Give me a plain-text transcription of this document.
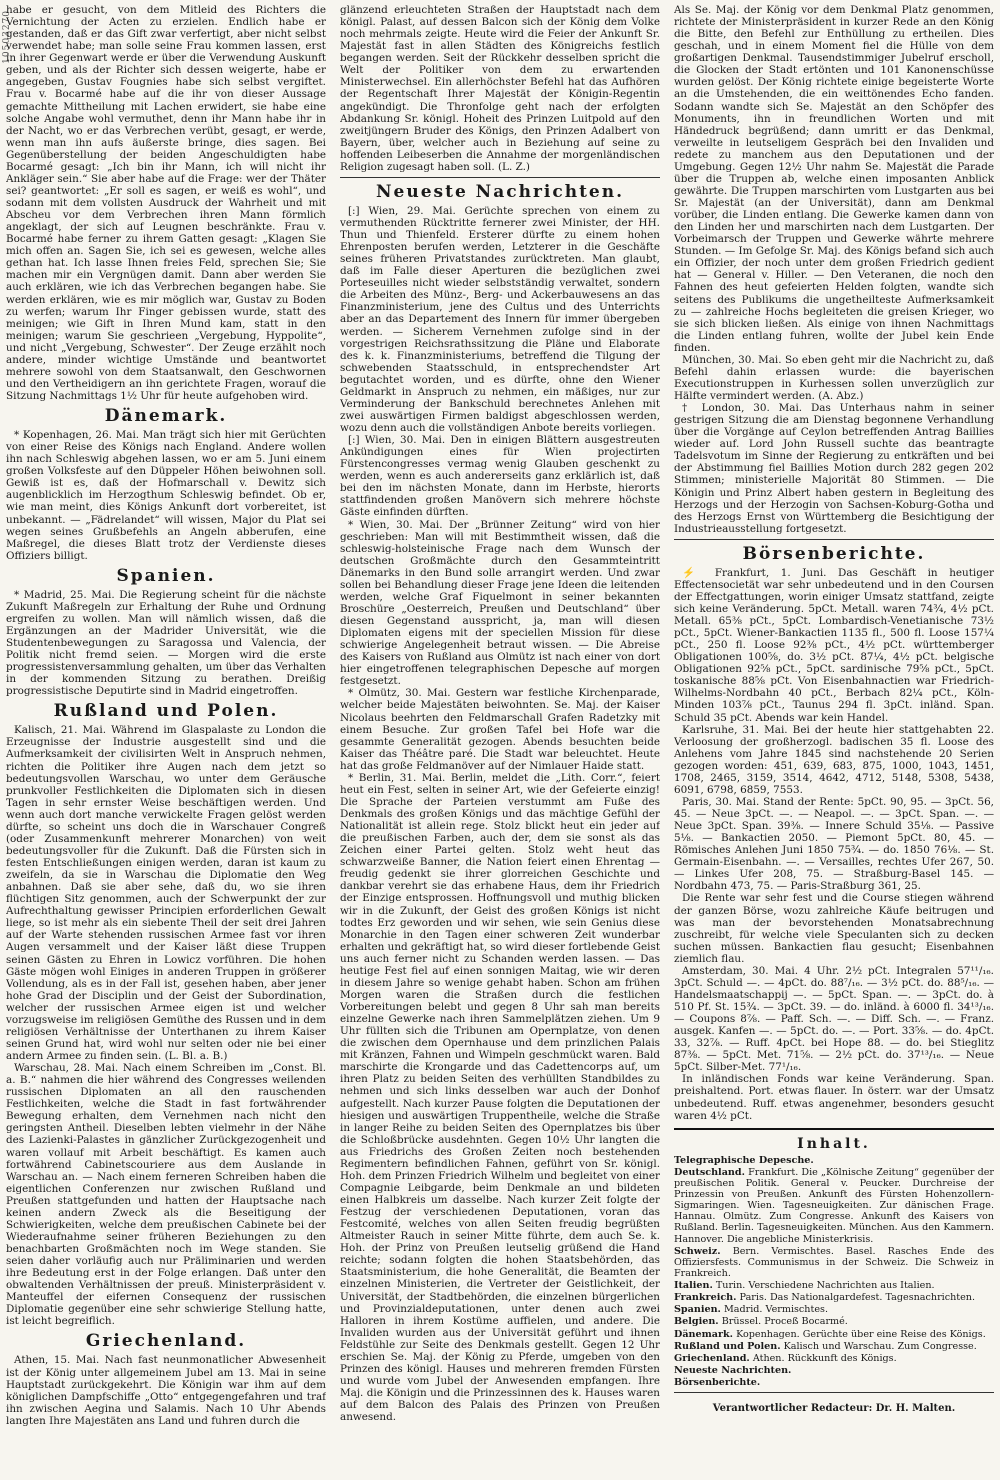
10503270

habe er gesucht, von dem Mitleid des Richters die Vernichtung der Acten zu erzielen. Endlich habe er gestanden, daß er das Gift zwar verfertigt, aber nicht selbst verwendet habe; man solle seine Frau kommen lassen, erst in ihrer Gegenwart werde er über die Verwendung Auskunft geben, und als der Richter sich dessen weigerte, habe er angegeben, Gustav Fougnies habe sich selbst vergiftet. Frau v. Bocarmé habe auf die ihr von dieser Aussage gemachte Mittheilung mit Lachen erwidert, sie habe eine solche Angabe wohl vermuthet, denn ihr Mann habe ihr in der Nacht, wo er das Verbrechen verübt, gesagt, er werde, wenn man ihn aufs äußerste bringe, dies sagen. Bei Gegenüberstellung der beiden Angeschuldigten habe Bocarmé gesagt: „Ich bin ihr Mann, ich will nicht ihr Ankläger sein.“ Sie aber habe auf die Frage: wer der Thäter sei? geantwortet: „Er soll es sagen, er weiß es wohl“, und sodann mit dem vollsten Ausdruck der Wahrheit und mit Abscheu vor dem Verbrechen ihren Mann förmlich angeklagt, der sich auf Leugnen beschränkte. Frau v. Bocarmé habe ferner zu ihrem Gatten gesagt: „Klagen Sie mich offen an. Sagen Sie, ich sei es gewesen, welche alles gethan hat. Ich lasse Ihnen freies Feld, sprechen Sie; Sie machen mir ein Vergnügen damit. Dann aber werden Sie auch erklären, wie ich das Verbrechen begangen habe. Sie werden erklären, wie es mir möglich war, Gustav zu Boden zu werfen; warum Ihr Finger gebissen wurde, statt des meinigen; wie Gift in Ihren Mund kam, statt in den meinigen; warum Sie geschrieen „Vergebung, Hyppolite“, und nicht „Vergebung, Schwester“. Der Zeuge erzählt noch andere, minder wichtige Umstände und beantwortet mehrere sowohl von dem Staatsanwalt, den Geschwornen und den Vertheidigern an ihn gerichtete Fragen, worauf die Sitzung Nachmittags 1½ Uhr für heute aufgehoben wird.

Dänemark.

* Kopenhagen, 26. Mai. Man trägt sich hier mit Gerüchten von einer Reise des Königs nach England. Andere wollen ihn nach Schleswig abgehen lassen, wo er am 5. Juni einem großen Volksfeste auf den Düppeler Höhen beiwohnen soll. Gewiß ist es, daß der Hofmarschall v. Dewitz sich augenblicklich im Herzogthum Schleswig befindet. Ob er, wie man meint, dies Königs Ankunft dort vorbereitet, ist unbekannt. — „Fädrelandet“ will wissen, Major du Plat sei wegen seines Grußbefehls an Angeln abberufen, eine Maßregel, die dieses Blatt trotz der Verdienste dieses Offiziers billigt.

Spanien.

* Madrid, 25. Mai. Die Regierung scheint für die nächste Zukunft Maßregeln zur Erhaltung der Ruhe und Ordnung ergreifen zu wollen. Man will nämlich wissen, daß die Ergänzungen an der Madrider Universität, wie die Studentenbewegungen zu Saragossa und Valencia, der Politik nicht fremd seien. — Morgen wird die erste progressistenversammlung gehalten, um über das Verhalten in der kommenden Sitzung zu berathen. Dreißig progressistische Deputirte sind in Madrid eingetroffen.

Rußland und Polen.

Kalisch, 21. Mai. Während im Glaspalaste zu London die Erzeugnisse der Industrie ausgestellt sind und die Aufmerksamkeit der civilisirten Welt in Anspruch nehmen, richten die Politiker ihre Augen nach dem jetzt so bedeutungsvollen Warschau, wo unter dem Geräusche prunkvoller Festlichkeiten die Diplomaten sich in diesen Tagen in sehr ernster Weise beschäftigen werden. Und wenn auch dort manche verwickelte Fragen gelöst werden dürfte, so scheint uns doch die in Warschauer Congreß (oder Zusammenkunft mehrerer Monarchen) von weit bedeutungsvoller für die Zukunft. Daß die Fürsten sich in festen Entschließungen einigen werden, daran ist kaum zu zweifeln, da sie in Warschau die Diplomatie den Weg anbahnen. Daß sie aber sehe, daß du, wo sie ihren flüchtigen Sitz genommen, auch der Schwerpunkt der zur Aufrechthaltung gewisser Principien erforderlichen Gewalt liege, so ist mehr als ein siebente Theil der seit drei Jahren auf der Warte stehenden russischen Armee fast vor ihren Augen versammelt und der Kaiser läßt diese Truppen seinen Gästen zu Ehren in Lowicz vorführen. Die hohen Gäste mögen wohl Einiges in anderen Truppen in größerer Vollendung, als es in der Fall ist, gesehen haben, aber jener hohe Grad der Disciplin und der Geist der Subordination, welcher der russischen Armee eigen ist und welcher vorzugsweise im religiösen Gemüthe des Russen und in dem religiösen Verhältnisse der Unterthanen zu ihrem Kaiser seinen Grund hat, wird wohl nur selten oder nie bei einer andern Armee zu finden sein. (L. Bl. a. B.)

Warschau, 28. Mai. Nach einem Schreiben im „Const. Bl. a. B.“ nahmen die hier während des Congresses weilenden russischen Diplomaten an all den rauschenden Festlichkeiten, welche die Stadt in fast fortwährender Bewegung erhalten, dem Vernehmen nach nicht den geringsten Antheil. Dieselben lebten vielmehr in der Nähe des Lazienki-Palastes in gänzlicher Zurückgezogenheit und waren vollauf mit Arbeit beschäftigt. Es kamen auch fortwährend Cabinetscouriere aus dem Auslande in Warschau an. — Nach einem ferneren Schreiben haben die eigentlichen Conferenzen nur zwischen Rußland und Preußen stattgefunden und hatten der Hauptsache nach keinen andern Zweck als die Beseitigung der Schwierigkeiten, welche dem preußischen Cabinete bei der Wiederaufnahme seiner früheren Beziehungen zu den benachbarten Großmächten noch im Wege standen. Sie seien daher vorläufig auch nur Präliminarien und werden ihre Bedeutung erst in der Folge erlangen. Daß unter den obwaltenden Verhältnissen der preuß. Ministerpräsident v. Manteuffel der eifernen Consequenz der russischen Diplomatie gegenüber eine sehr schwierige Stellung hatte, ist leicht begreiflich.

Griechenland.

Athen, 15. Mai. Nach fast neunmonatlicher Abwesenheit ist der König unter allgemeinem Jubel am 13. Mai in seine Hauptstadt zurückgekehrt. Die Königin war ihm auf dem königlichen Dampfschiffe „Otto“ entgegengefahren und traf ihn zwischen Aegina und Salamis. Nach 10 Uhr Abends langten Ihre Majestäten ans Land und fuhren durch die

glänzend erleuchteten Straßen der Hauptstadt nach dem königl. Palast, auf dessen Balcon sich der König dem Volke noch mehrmals zeigte. Heute wird die Feier der Ankunft Sr. Majestät fast in allen Städten des Königreichs festlich begangen werden. Seit der Rückkehr desselben spricht die Welt der Politiker von dem zu erwartenden Ministerwechsel. Ein allerhöchster Befehl hat das Aufhören der Regentschaft Ihrer Majestät der Königin-Regentin angekündigt. Die Thronfolge geht nach der erfolgten Abdankung Sr. königl. Hoheit des Prinzen Luitpold auf den zweitjüngern Bruder des Königs, den Prinzen Adalbert von Bayern, über, welcher auch in Beziehung auf seine zu hoffenden Leibeserben die Annahme der morgenländischen Religion zugesagt haben soll. (L. Z.)

Neueste Nachrichten.

[:] Wien, 29. Mai. Gerüchte sprechen von einem zu vermuthenden Rücktritte fernerer zwei Minister, der HH. Thun und Thienfeld. Ersterer dürfte zu einem hohen Ehrenposten berufen werden, Letzterer in die Geschäfte seines früheren Privatstandes zurücktreten. Man glaubt, daß im Falle dieser Aperturen die bezüglichen zwei Porteseuilles nicht wieder selbstständig verwaltet, sondern die Arbeiten des Münz-, Berg- und Ackerbauwesens an das Finanzministerium, jene des Cultus und des Unterrichts aber an das Departement des Innern für immer übergeben werden. — Sicherem Vernehmen zufolge sind in der vorgestrigen Reichsrathssitzung die Pläne und Elaborate des k. k. Finanzministeriums, betreffend die Tilgung der schwebenden Staatsschuld, in entsprechendster Art begutachtet worden, und es dürfte, ohne den Wiener Geldmarkt in Anspruch zu nehmen, ein mäßiges, nur zur Verminderung der Bankschuld berechnetes Anlehen mit zwei auswärtigen Firmen baldigst abgeschlossen werden, wozu denn auch die vollständigen Anbote bereits vorliegen.

[:] Wien, 30. Mai. Den in einigen Blättern ausgestreuten Ankündigungen eines für Wien projectirten Fürstencongresses vermag wenig Glauben geschenkt zu werden, wenn es auch andererseits ganz erklärlich ist, daß bei den im nächsten Monate, dann im Herbste, hierorts stattfindenden großen Manövern sich mehrere höchste Gäste einfinden dürften.

* Wien, 30. Mai. Der „Brünner Zeitung“ wird von hier geschrieben: Man will mit Bestimmtheit wissen, daß die schleswig-holsteinische Frage nach dem Wunsch der deutschen Großmächte durch den Gesammteintritt Dänemarks in den Bund solle arrangirt werden. Und zwar sollen bei Behandlung dieser Frage jene Ideen die leitenden werden, welche Graf Fiquelmont in seiner bekannten Broschüre „Oesterreich, Preußen und Deutschland“ über diesen Gegenstand ausspricht, ja, man will diesen Diplomaten eigens mit der speciellen Mission für diese schwierige Angelegenheit betraut wissen. — Die Abreise des Kaisers von Rußland aus Olmütz ist nach einer von dort hier eingetroffenen telegraphischen Depesche auf morgen festgesetzt.

* Olmütz, 30. Mai. Gestern war festliche Kirchenparade, welcher beide Majestäten beiwohnten. Se. Maj. der Kaiser Nicolaus beehrten den Feldmarschall Grafen Radetzky mit einem Besuche. Zur großen Tafel bei Hofe war die gesammte Generalität gezogen. Abends besuchten beide Kaiser das Théâtre paré. Die Stadt war beleuchtet. Heute hat das große Feldmanöver auf der Nimlauer Haide statt.

* Berlin, 31. Mai. Berlin, meldet die „Lith. Corr.“, feiert heut ein Fest, selten in seiner Art, wie der Gefeierte einzig! Die Sprache der Parteien verstummt am Fuße des Denkmals des großen Königs und das mächtige Gefühl der Nationalität ist allein rege. Stolz blickt heut ein jeder auf die preußischen Farben, auch der, dem sie sonst als das Zeichen einer Partei gelten. Stolz weht heut das schwarzweiße Banner, die Nation feiert einen Ehrentag — freudig gedenkt sie ihrer glorreichen Geschichte und dankbar verehrt sie das erhabene Haus, dem ihr Friedrich der Einzige entsprossen. Hoffnungsvoll und muthig blicken wir in die Zukunft, der Geist des großen Königs ist nicht todtes Erz geworden und wir sehen, wie sein Genius diese Monarchie in den Tagen einer schweren Zeit wunderbar erhalten und gekräftigt hat, so wird dieser fortlebende Geist uns auch ferner nicht zu Schanden werden lassen. — Das heutige Fest fiel auf einen sonnigen Maitag, wie wir deren in diesem Jahre so wenige gehabt haben. Schon am frühen Morgen waren die Straßen durch die festlichen Vorbereitungen belebt und gegen 8 Uhr sah man bereits einzelne Gewerke nach ihren Sammelplätzen ziehen. Um 9 Uhr füllten sich die Tribunen am Opernplatze, von denen die zwischen dem Opernhause und dem prinzlichen Palais mit Kränzen, Fahnen und Wimpeln geschmückt waren. Bald marschirte die Krongarde und das Cadettencorps auf, um ihren Platz zu beiden Seiten des verhüllten Standbildes zu nehmen und sich links desselben war auch der Donhof aufgestellt. Nach kurzer Pause folgten die Deputationen der hiesigen und auswärtigen Truppentheile, welche die Straße in langer Reihe zu beiden Seiten des Opernplatzes bis über die Schloßbrücke ausdehnten. Gegen 10½ Uhr langten die aus Friedrichs des Großen Zeiten noch bestehenden Regimentern befindlichen Fahnen, geführt von Sr. königl. Hoh. dem Prinzen Friedrich Wilhelm und begleitet von einer Compagnie Leibgarde, beim Denkmale an und bildeten einen Halbkreis um dasselbe. Nach kurzer Zeit folgte der Festzug der verschiedenen Deputationen, voran das Festcomité, welches von allen Seiten freudig begrüßten Altmeister Rauch in seiner Mitte führte, dem auch Se. k. Hoh. der Prinz von Preußen leutselig grüßend die Hand reichte; sodann folgten die hohen Staatsbehörden, das Staatsministerium, die hohe Generalität, die Beamten der einzelnen Ministerien, die Vertreter der Geistlichkeit, der Universität, der Stadtbehörden, die einzelnen bürgerlichen und Provinzialdeputationen, unter denen auch zwei Halloren in ihrem Kostüme auffielen, und andere. Die Invaliden wurden aus der Universität geführt und ihnen Feldstühle zur Seite des Denkmals gestellt. Gegen 12 Uhr erschien Se. Maj. der König zu Pferde, umgeben von den Prinzen des königl. Hauses und mehreren fremden Fürsten und wurde vom Jubel der Anwesenden empfangen. Ihre Maj. die Königin und die Prinzessinnen des k. Hauses waren auf dem Balcon des Palais des Prinzen von Preußen anwesend.

Als Se. Maj. der König vor dem Denkmal Platz genommen, richtete der Ministerpräsident in kurzer Rede an den König die Bitte, den Befehl zur Enthüllung zu ertheilen. Dies geschah, und in einem Moment fiel die Hülle von dem großartigen Denkmal. Tausendstimmiger Jubelruf erscholl, die Glocken der Stadt ertönten und 101 Kanonenschüsse wurden gelöst. Der König richtete einige begeisterte Worte an die Umstehenden, die ein weittönendes Echo fanden. Sodann wandte sich Se. Majestät an den Schöpfer des Monuments, ihn in freundlichen Worten und mit Händedruck begrüßend; dann umritt er das Denkmal, verweilte in leutseligem Gespräch bei den Invaliden und redete zu manchem aus den Deputationen und der Umgebung. Gegen 12½ Uhr nahm Se. Majestät die Parade über die Truppen ab, welche einen imposanten Anblick gewährte. Die Truppen marschirten vom Lustgarten aus bei Sr. Majestät (an der Universität), dann am Denkmal vorüber, die Linden entlang. Die Gewerke kamen dann von den Linden her und marschirten nach dem Lustgarten. Der Vorbeimarsch der Truppen und Gewerke währte mehrere Stunden. — Im Gefolge Sr. Maj. des Königs befand sich auch ein Offizier, der noch unter dem großen Friedrich gedient hat — General v. Hiller. — Den Veteranen, die noch den Fahnen des heut gefeierten Helden folgten, wandte sich seitens des Publikums die ungetheilteste Aufmerksamkeit zu — zahlreiche Hochs begleiteten die greisen Krieger, wo sie sich blicken ließen. Als einige von ihnen Nachmittags die Linden entlang fuhren, wollte der Jubel kein Ende finden.

München, 30. Mai. So eben geht mir die Nachricht zu, daß Befehl dahin erlassen wurde: die bayerischen Executionstruppen in Kurhessen sollen unverzüglich zur Hälfte vermindert werden. (A. Abz.)

† London, 30. Mai. Das Unterhaus nahm in seiner gestrigen Sitzung die am Dienstag begonnene Verhandlung über die Vorgänge auf Ceylon betreffenden Antrag Baillies wieder auf. Lord John Russell suchte das beantragte Tadelsvotum im Sinne der Regierung zu entkräften und bei der Abstimmung fiel Baillies Motion durch 282 gegen 202 Stimmen; ministerielle Majorität 80 Stimmen. — Die Königin und Prinz Albert haben gestern in Begleitung des Herzogs und der Herzogin von Sachsen-Koburg-Gotha und des Herzogs Ernst von Württemberg die Besichtigung der Industrieausstellung fortgesetzt.

Börsenberichte.

⚡ Frankfurt, 1. Juni. Das Geschäft in heutiger Effectensocietät war sehr unbedeutend und in den Coursen der Effectgattungen, worin einiger Umsatz stattfand, zeigte sich keine Veränderung. 5pCt. Metall. waren 74¾, 4½ pCt. Metall. 65⅜ pCt., 5pCt. Lombardisch-Venetianische 73½ pCt., 5pCt. Wiener-Bankactien 1135 fl., 500 fl. Loose 157¼ pCt., 250 fl. Loose 92⅜ pCt., 4½ pCt. württemberger Obligationen 100⅝, do. 3½ pCt. 87¼, 4½ pCt. belgische Obligationen 92⅝ pCt., 5pCt. sardinische 79⅝ pCt., 5pCt. toskanische 88⅝ pCt. Von Eisenbahnactien war Friedrich-Wilhelms-Nordbahn 40 pCt., Berbach 82¼ pCt., Köln-Minden 103⅞ pCt., Taunus 294 fl. 3pCt. inländ. Span. Schuld 35 pCt. Abends war kein Handel.

Karlsruhe, 31. Mai. Bei der heute hier stattgehabten 22. Verloosung der großherzogl. badischen 35 fl. Loose des Anlehens vom Jahre 1845 sind nachstehende 20 Serien gezogen worden: 451, 639, 683, 875, 1000, 1043, 1451, 1708, 2465, 3159, 3514, 4642, 4712, 5148, 5308, 5438, 6091, 6798, 6859, 7553.

Paris, 30. Mai. Stand der Rente: 5pCt. 90, 95. — 3pCt. 56, 45. — Neue 3pCt. —. — Neapol. —. — 3pCt. Span. —. — Neue 3pCt. Span. 39⅜. — Innere Schuld 35⅛. — Passive 5⅛. — Bankactien 2050. — Piemont 5pCt. 80, 45. — Römisches Anlehen Juni 1850 75¾. — do. 1850 76⅛. — St. Germain-Eisenbahn. —. — Versailles, rechtes Ufer 267, 50. — Linkes Ufer 208, 75. — Straßburg-Basel 145. — Nordbahn 473, 75. — Paris-Straßburg 361, 25.

Die Rente war sehr fest und die Course stiegen während der ganzen Börse, wozu zahlreiche Käufe beitrugen und was man der bevorstehenden Monatsabrechnung zuschreibt, für welche viele Speculanten sich zu decken suchen müssen. Bankactien flau gesucht; Eisenbahnen ziemlich flau.

Amsterdam, 30. Mai. 4 Uhr. 2½ pCt. Integralen 57¹¹/₁₆. 3pCt. Schuld —. — 4pCt. do. 88⁷/₁₆. — 3½ pCt. do. 88⁵/₁₆. — Handelsmaatschappij —. — 5pCt. Span. —. — 3pCt. do. à 510 Pf. St. 15¾. — 3pCt. 39. — do. inländ. à 6000 fl. 34¹³/₁₆. — Coupons 8⅞. — Paff. Sch. —. — Diff. Sch. —. — Franz. ausgek. Kanfen —. — 5pCt. do. —. — Port. 33⅝. — do. 4pCt. 33, 32⅞. — Ruff. 4pCt. bei Hope 88. — do. bei Stieglitz 87⅜. — 5pCt. Met. 71⅝. — 2½ pCt. do. 37¹³/₁₆. — Neue 5pCt. Silber-Met. 77¹/₁₆.

In inländischen Fonds war keine Veränderung. Span. preishaltend. Port. etwas flauer. In österr. war der Umsatz unbedeutend. Ruff. etwas angenehmer, besonders gesucht waren 4½ pCt.

Inhalt.

Telegraphische Depesche.

Deutschland. Frankfurt. Die „Kölnische Zeitung“ gegenüber der preußischen Politik. General v. Peucker. Durchreise der Prinzessin von Preußen. Ankunft des Fürsten Hohenzollern-Sigmaringen. Wien. Tagesneuigkeiten. Zur dänischen Frage. Hannau. Olmütz. Zum Congresse. Ankunft des Kaisers von Rußland. Berlin. Tagesneuigkeiten. München. Aus den Kammern. Hannover. Die angebliche Ministerkrisis.

Schweiz. Bern. Vermischtes. Basel. Rasches Ende des Offiziersfests. Communismus in der Schweiz. Die Schweiz in Frankreich.

Italien. Turin. Verschiedene Nachrichten aus Italien.

Frankreich. Paris. Das Nationalgardefest. Tagesnachrichten.

Spanien. Madrid. Vermischtes.

Belgien. Brüssel. Proceß Bocarmé.

Dänemark. Kopenhagen. Gerüchte über eine Reise des Königs.

Rußland und Polen. Kalisch und Warschau. Zum Congresse.

Griechenland. Athen. Rückkunft des Königs.

Neueste Nachrichten.

Börsenberichte.

Verantwortlicher Redacteur: Dr. H. Malten.
